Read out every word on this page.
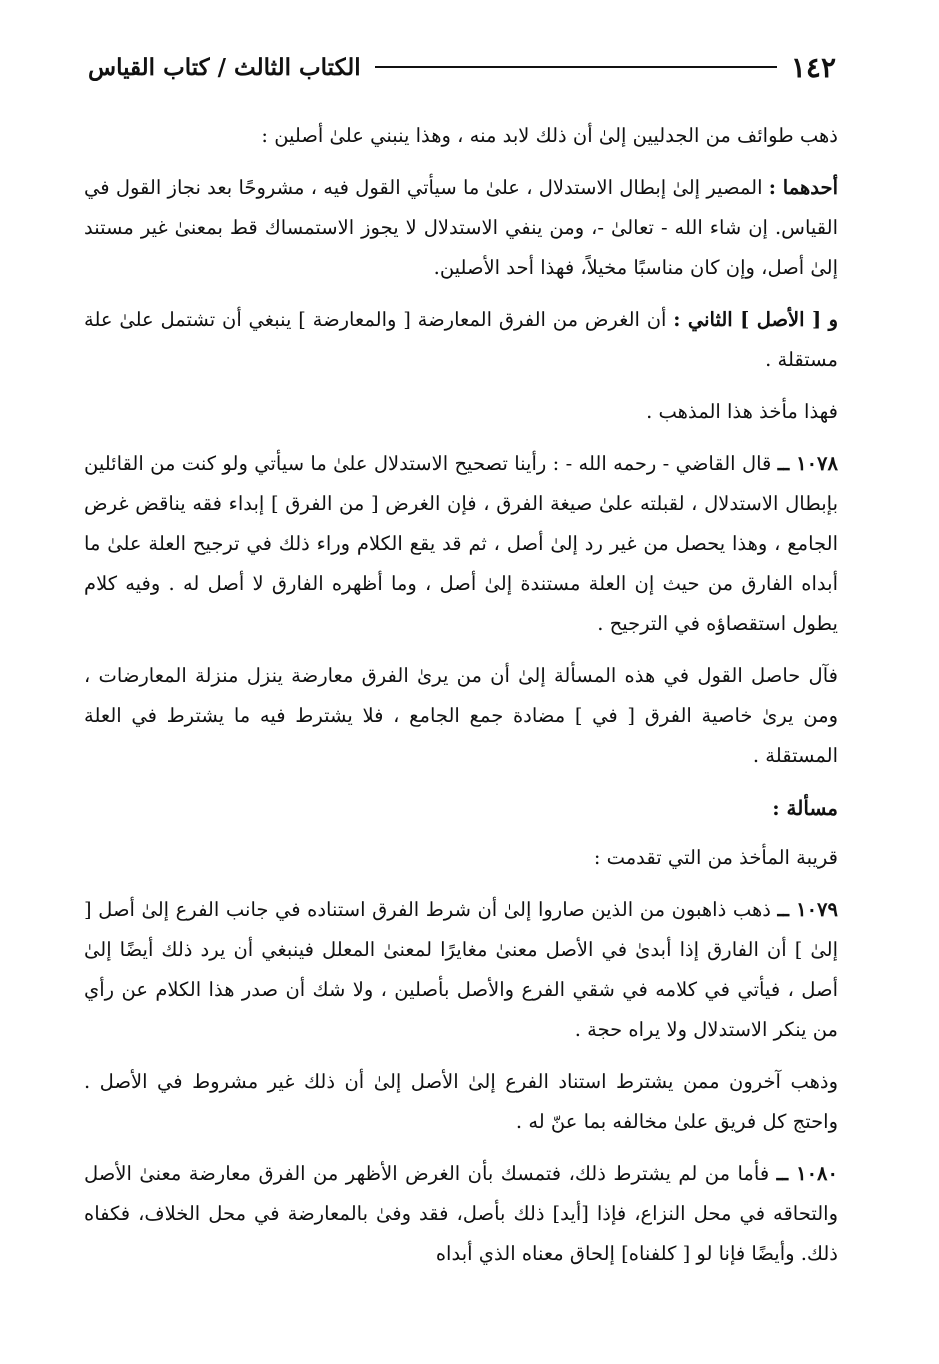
١٤٢
الكتاب الثالث / كتاب القياس

ذهب طوائف من الجدليين إلىٰ أن ذلك لابد منه ، وهذا ينبني علىٰ أصلين :

أحدهما : المصير إلىٰ إبطال الاستدلال ، علىٰ ما سيأتي القول فيه ، مشروحًا بعد نجاز القول في القياس. إن شاء الله - تعالىٰ -، ومن ينفي الاستدلال لا يجوز الاستمساك قط بمعنىٰ غير مستند إلىٰ أصل، وإن كان مناسبًا مخيلاً، فهذا أحد الأصلين.

و [ الأصل ] الثاني : أن الغرض من الفرق المعارضة [ والمعارضة ] ينبغي أن تشتمل علىٰ علة مستقلة .

فهذا مأخذ هذا المذهب .

١٠٧٨ ــ قال القاضي - رحمه الله - : رأينا تصحيح الاستدلال علىٰ ما سيأتي ولو كنت من القائلين بإبطال الاستدلال ، لقبلته علىٰ صيغة الفرق ، فإن الغرض [ من الفرق ] إبداء فقه يناقض غرض الجامع ، وهذا يحصل من غير رد إلىٰ أصل ، ثم قد يقع الكلام وراء ذلك في ترجيح العلة علىٰ ما أبداه الفارق من حيث إن العلة مستندة إلىٰ أصل ، وما أظهره الفارق لا أصل له . وفيه كلام يطول استقصاؤه في الترجيح .

فآل حاصل القول في هذه المسألة إلىٰ أن من يرىٰ الفرق معارضة ينزل منزلة المعارضات ، ومن يرىٰ خاصية الفرق [ في ] مضادة جمع الجامع ، فلا يشترط فيه ما يشترط في العلة المستقلة .

مسألة :

قريبة المأخذ من التي تقدمت :

١٠٧٩ ــ ذهب ذاهبون من الذين صاروا إلىٰ أن شرط الفرق استناده في جانب الفرع إلىٰ أصل [ إلىٰ ] أن الفارق إذا أبدىٰ في الأصل معنىٰ مغايرًا لمعنىٰ المعلل فينبغي أن يرد ذلك أيضًا إلىٰ أصل ، فيأتي في كلامه في شقي الفرع والأصل بأصلين ، ولا شك أن صدر هذا الكلام عن رأي من ينكر الاستدلال ولا يراه حجة .

وذهب آخرون ممن يشترط استناد الفرع إلىٰ الأصل إلىٰ أن ذلك غير مشروط في الأصل . واحتج كل فريق علىٰ مخالفه بما عنّ له .

١٠٨٠ ــ فأما من لم يشترط ذلك، فتمسك بأن الغرض الأظهر من الفرق معارضة معنىٰ الأصل والتحاقه في محل النزاع، فإذا [أيد] ذلك بأصل، فقد وفىٰ بالمعارضة في محل الخلاف، فكفاه ذلك. وأيضًا فإنا لو [ كلفناه] إلحاق معناه الذي أبداه
